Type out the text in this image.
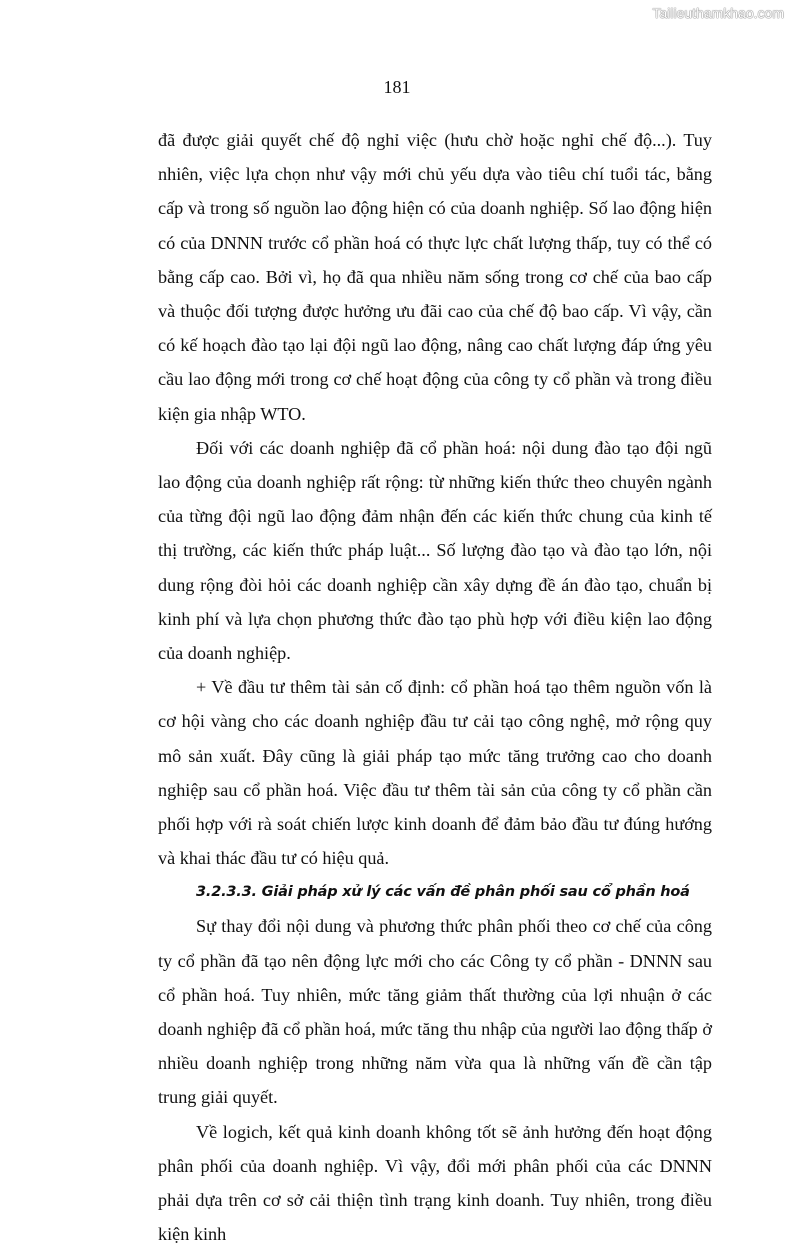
Tailieuthamkhao.com
181

đã được giải quyết chế độ nghỉ việc (hưu chờ hoặc nghỉ chế độ...). Tuy nhiên, việc lựa chọn như vậy mới chủ yếu dựa vào tiêu chí tuổi tác, bằng cấp và trong số nguồn lao động hiện có của doanh nghiệp. Số lao động hiện có của DNNN trước cổ phần hoá có thực lực chất lượng thấp, tuy có thể có bằng cấp cao. Bởi vì, họ đã qua nhiều năm sống trong cơ chế của bao cấp và thuộc đối tượng được hưởng ưu đãi cao của chế độ bao cấp. Vì vậy, cần có kế hoạch đào tạo lại đội ngũ lao động, nâng cao chất lượng đáp ứng yêu cầu lao động mới trong cơ chế hoạt động của công ty cổ phần và trong điều kiện gia nhập WTO.

Đối với các doanh nghiệp đã cổ phần hoá: nội dung đào tạo đội ngũ lao động của doanh nghiệp rất rộng: từ những kiến thức theo chuyên ngành của từng đội ngũ lao động đảm nhận đến các kiến thức chung của kinh tế thị trường, các kiến thức pháp luật... Số lượng đào tạo và đào tạo lớn, nội dung rộng đòi hỏi các doanh nghiệp cần xây dựng đề án đào tạo, chuẩn bị kinh phí và lựa chọn phương thức đào tạo phù hợp với điều kiện lao động của doanh nghiệp.

+ Về đầu tư thêm tài sản cố định: cổ phần hoá tạo thêm nguồn vốn là cơ hội vàng cho các doanh nghiệp đầu tư cải tạo công nghệ, mở rộng quy mô sản xuất. Đây cũng là giải pháp tạo mức tăng trưởng cao cho doanh nghiệp sau cổ phần hoá. Việc đầu tư thêm tài sản của công ty cổ phần cần phối hợp với rà soát chiến lược kinh doanh để đảm bảo đầu tư đúng hướng và khai thác đầu tư có hiệu quả.

3.2.3.3. Giải pháp xử lý các vấn đề phân phối sau cổ phần hoá

Sự thay đổi nội dung và phương thức phân phối theo cơ chế của công ty cổ phần đã tạo nên động lực mới cho các Công ty cổ phần - DNNN sau cổ phần hoá. Tuy nhiên, mức tăng giảm thất thường của lợi nhuận ở các doanh nghiệp đã cổ phần hoá, mức tăng thu nhập của người lao động thấp ở nhiều doanh nghiệp trong những năm vừa qua là những vấn đề cần tập trung giải quyết.

Về logich, kết quả kinh doanh không tốt sẽ ảnh hưởng đến hoạt động phân phối của doanh nghiệp. Vì vậy, đổi mới phân phối của các DNNN phải dựa trên cơ sở cải thiện tình trạng kinh doanh. Tuy nhiên, trong điều kiện kinh
